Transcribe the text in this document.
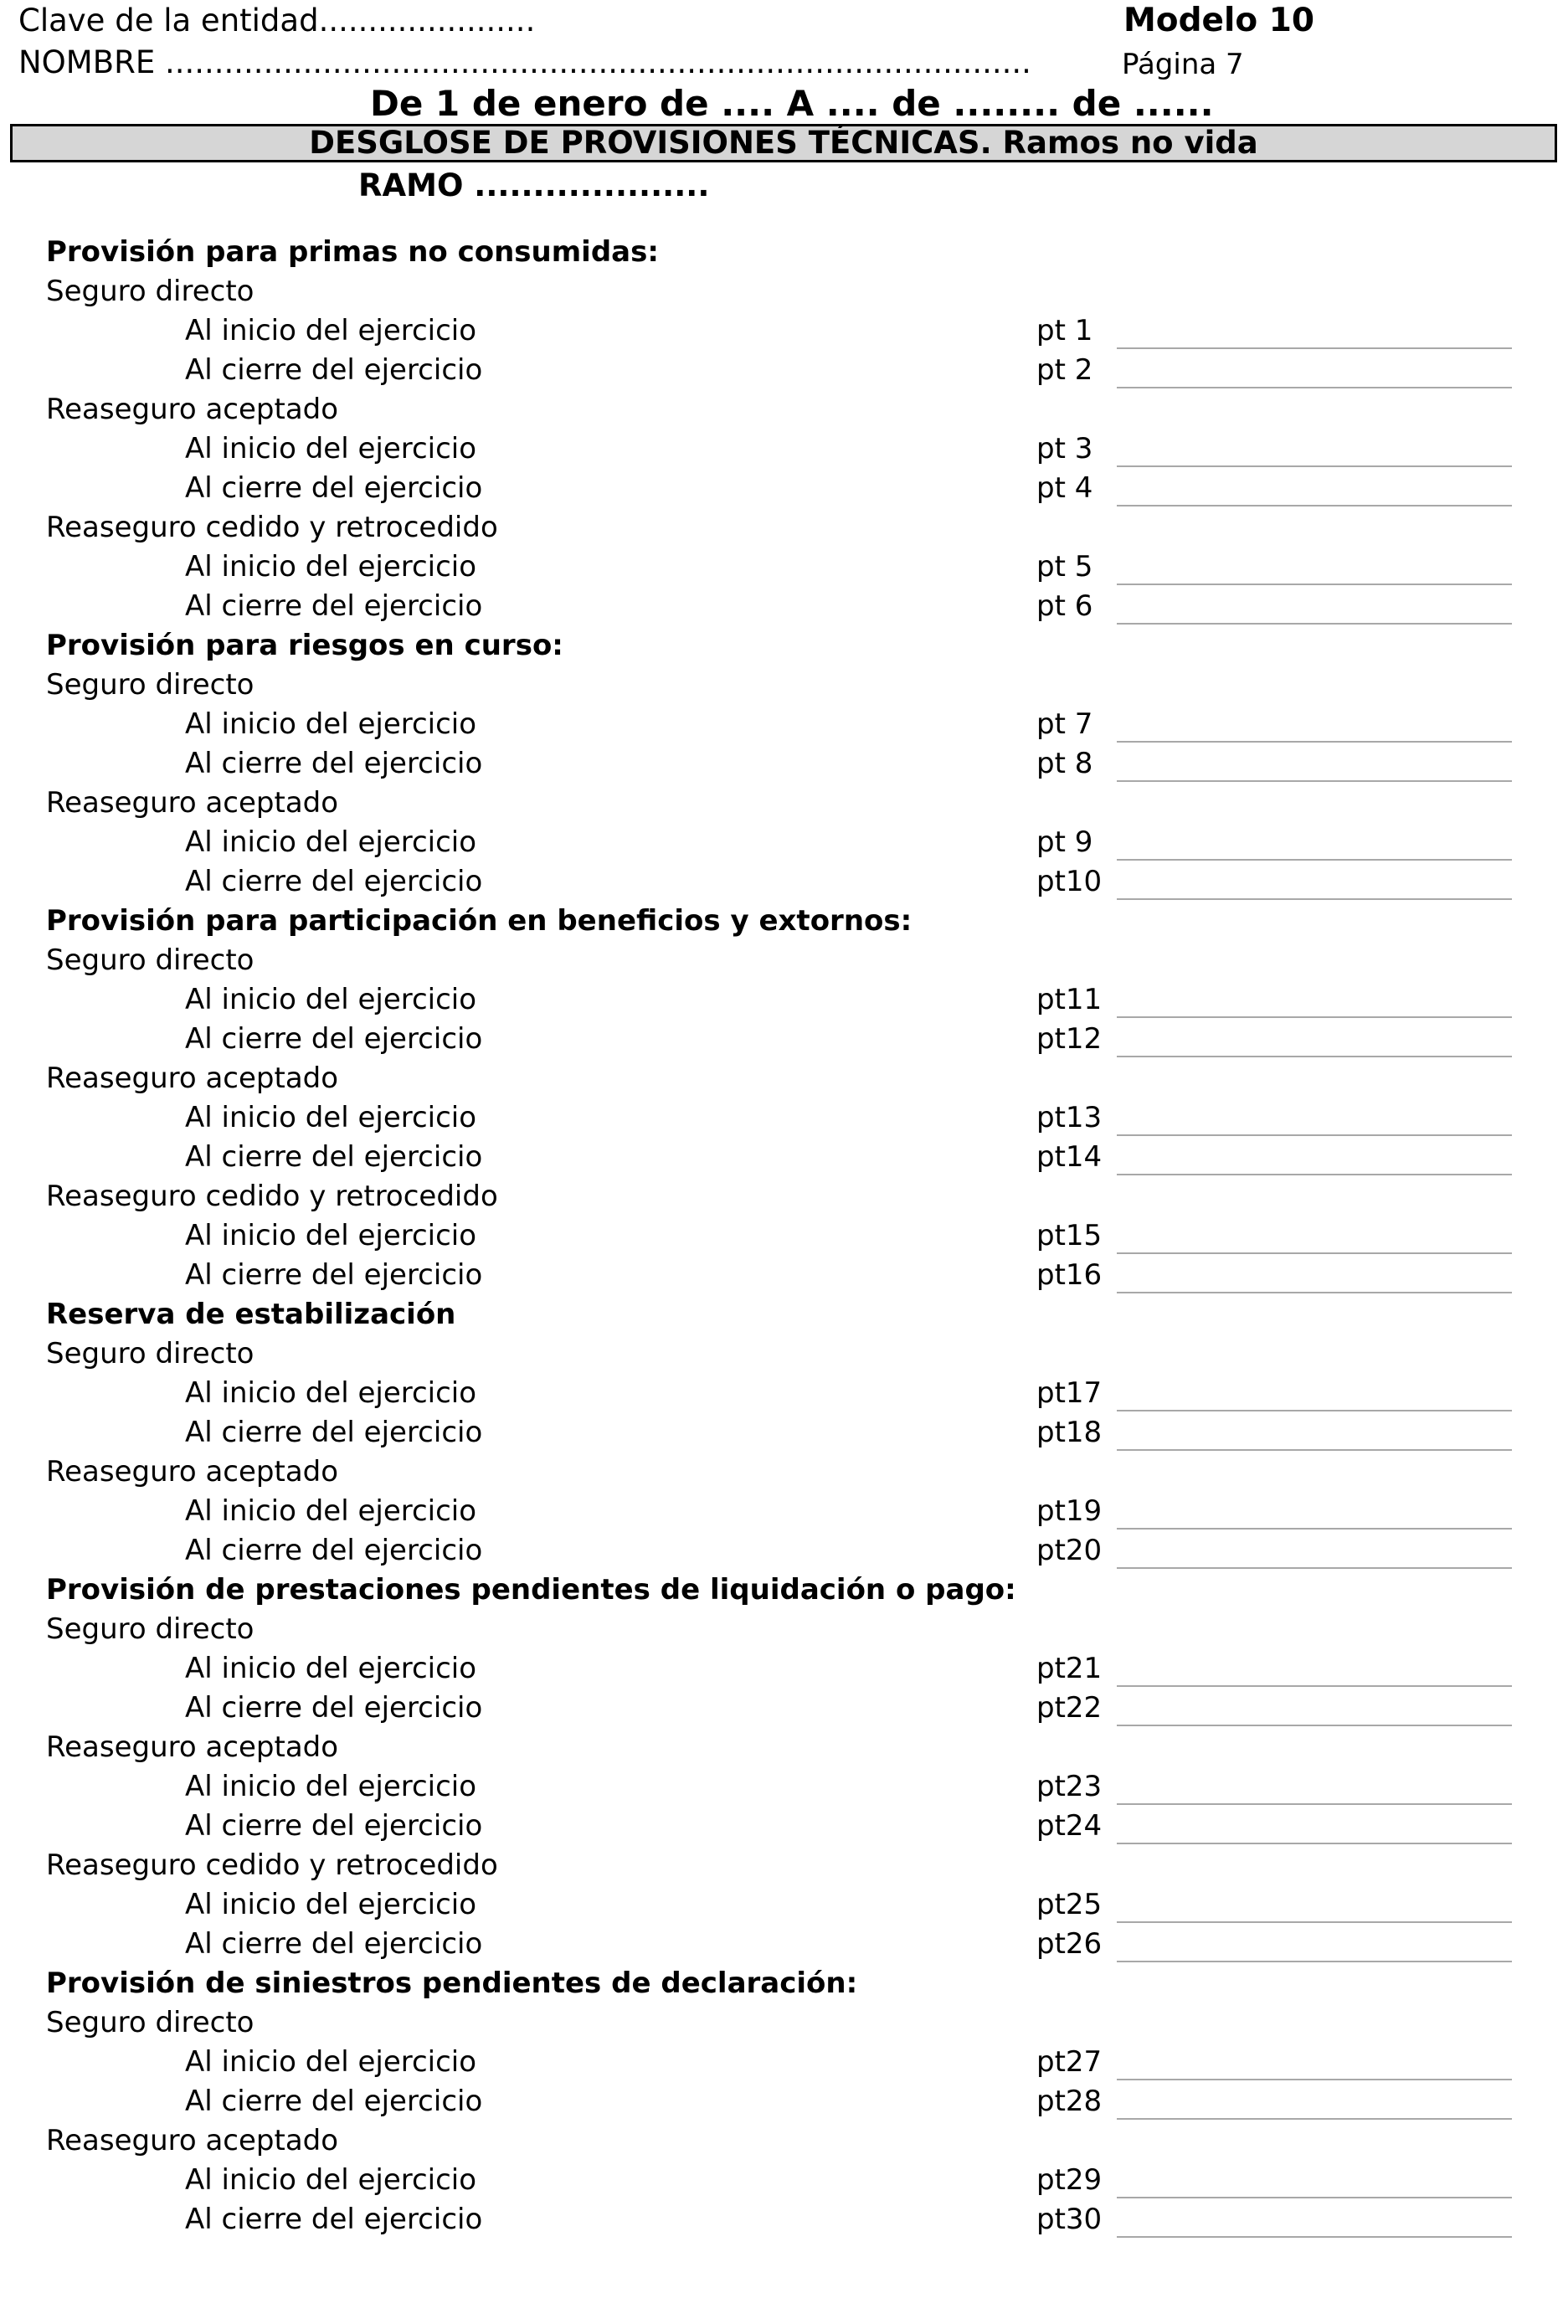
Clave de la entidad......................	Modelo 10
NOMBRE ........................................................................................	Página 7
De 1 de enero de .... A .... de ........ de ......
DESGLOSE DE PROVISIONES TÉCNICAS. Ramos no vida
RAMO ....................
Provisión para primas no consumidas:
Seguro directo
Al inicio del ejercicio	pt 1
Al cierre del ejercicio	pt 2
Reaseguro aceptado
Al inicio del ejercicio	pt 3
Al cierre del ejercicio	pt 4
Reaseguro cedido y retrocedido
Al inicio del ejercicio	pt 5
Al cierre del ejercicio	pt 6
Provisión para riesgos en curso:
Seguro directo
Al inicio del ejercicio	pt 7
Al cierre del ejercicio	pt 8
Reaseguro aceptado
Al inicio del ejercicio	pt 9
Al cierre del ejercicio	pt10
Provisión para participación en beneficios y extornos:
Seguro directo
Al inicio del ejercicio	pt11
Al cierre del ejercicio	pt12
Reaseguro aceptado
Al inicio del ejercicio	pt13
Al cierre del ejercicio	pt14
Reaseguro cedido y retrocedido
Al inicio del ejercicio	pt15
Al cierre del ejercicio	pt16
Reserva de estabilización
Seguro directo
Al inicio del ejercicio	pt17
Al cierre del ejercicio	pt18
Reaseguro aceptado
Al inicio del ejercicio	pt19
Al cierre del ejercicio	pt20
Provisión de prestaciones pendientes de liquidación o pago:
Seguro directo
Al inicio del ejercicio	pt21
Al cierre del ejercicio	pt22
Reaseguro aceptado
Al inicio del ejercicio	pt23
Al cierre del ejercicio	pt24
Reaseguro cedido y retrocedido
Al inicio del ejercicio	pt25
Al cierre del ejercicio	pt26
Provisión de siniestros pendientes de declaración:
Seguro directo
Al inicio del ejercicio	pt27
Al cierre del ejercicio	pt28
Reaseguro aceptado
Al inicio del ejercicio	pt29
Al cierre del ejercicio	pt30
